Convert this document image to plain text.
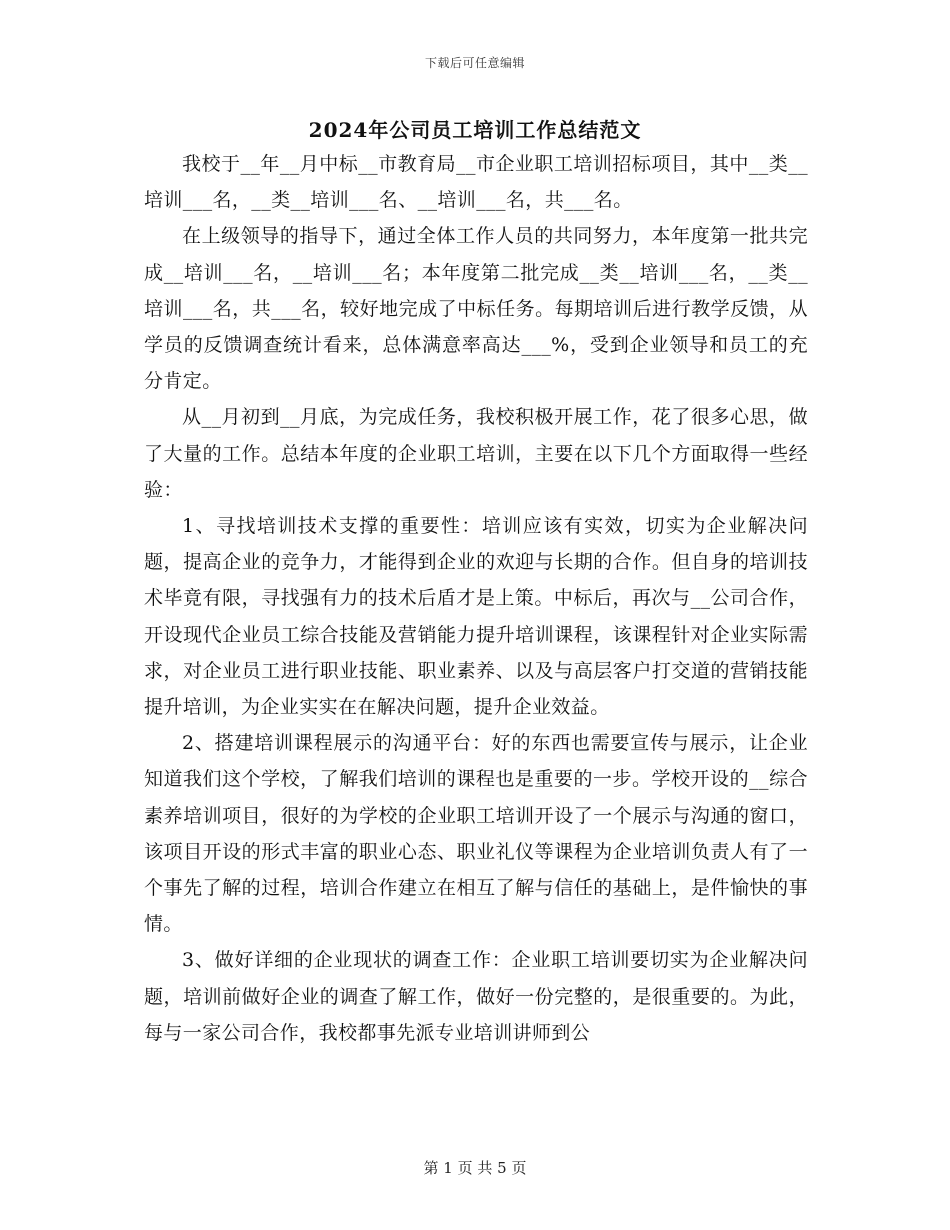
下载后可任意编辑
2024年公司员工培训工作总结范文

我校于__年__月中标__市教育局__市企业职工培训招标项目，其中__类__培训___名，__类__培训___名、__培训___名，共___名。

在上级领导的指导下，通过全体工作人员的共同努力，本年度第一批共完成__培训___名，__培训___名；本年度第二批完成__类__培训___名，__类__培训___名，共___名，较好地完成了中标任务。每期培训后进行教学反馈，从学员的反馈调查统计看来，总体满意率高达___%，受到企业领导和员工的充分肯定。

从__月初到__月底，为完成任务，我校积极开展工作，花了很多心思，做了大量的工作。总结本年度的企业职工培训，主要在以下几个方面取得一些经验：

1、寻找培训技术支撑的重要性：培训应该有实效，切实为企业解决问题，提高企业的竞争力，才能得到企业的欢迎与长期的合作。但自身的培训技术毕竟有限，寻找强有力的技术后盾才是上策。中标后，再次与__公司合作，开设现代企业员工综合技能及营销能力提升培训课程，该课程针对企业实际需求，对企业员工进行职业技能、职业素养、以及与高层客户打交道的营销技能提升培训，为企业实实在在解决问题，提升企业效益。

2、搭建培训课程展示的沟通平台：好的东西也需要宣传与展示，让企业知道我们这个学校，了解我们培训的课程也是重要的一步。学校开设的__综合素养培训项目，很好的为学校的企业职工培训开设了一个展示与沟通的窗口，该项目开设的形式丰富的职业心态、职业礼仪等课程为企业培训负责人有了一个事先了解的过程，培训合作建立在相互了解与信任的基础上，是件愉快的事情。

3、做好详细的企业现状的调查工作：企业职工培训要切实为企业解决问题，培训前做好企业的调查了解工作，做好一份完整的，是很重要的。为此，每与一家公司合作，我校都事先派专业培训讲师到公

第 1 页 共 5 页
